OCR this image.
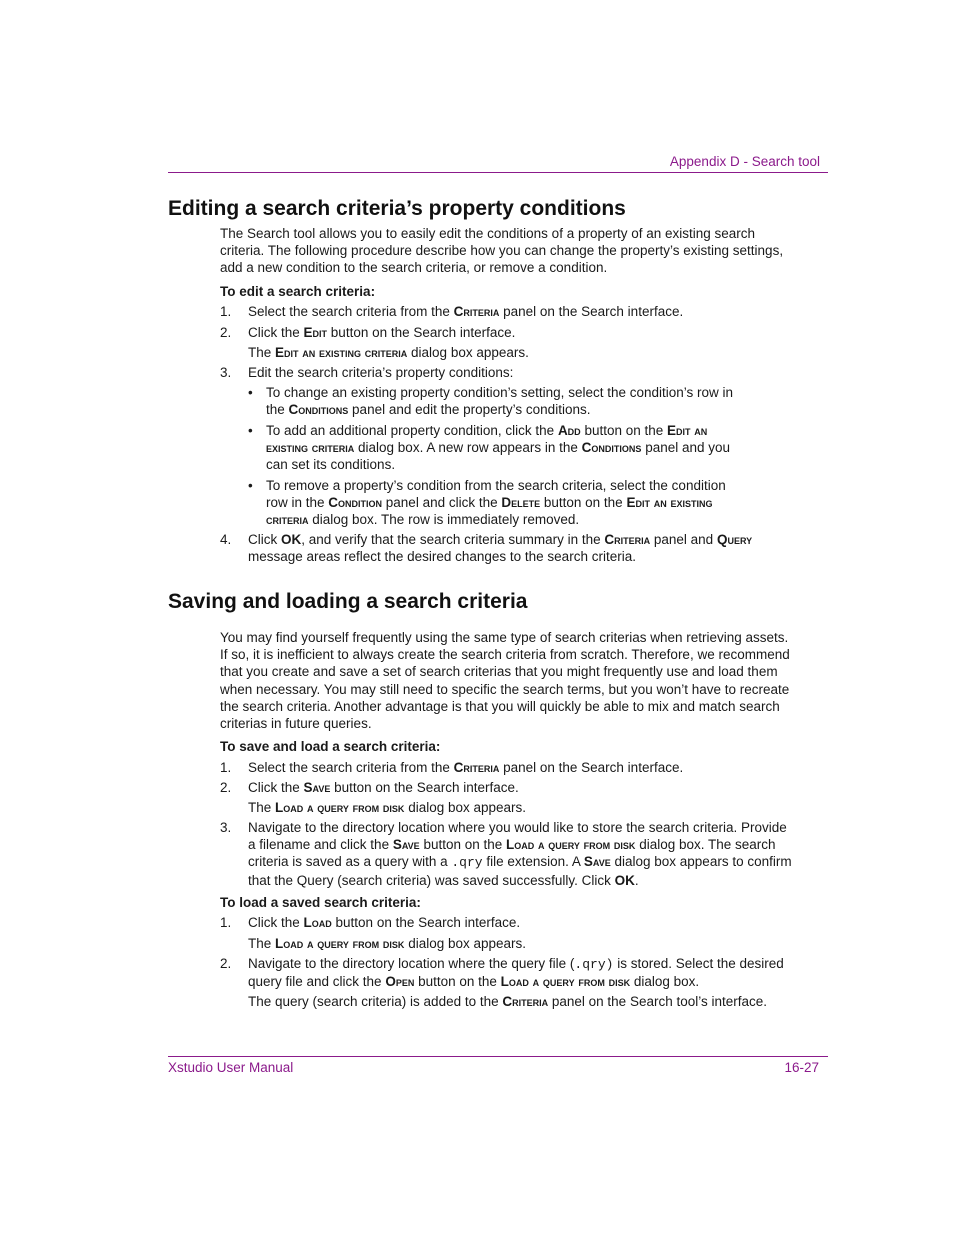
Appendix D - Search tool
Editing a search criteria’s property conditions

The Search tool allows you to easily edit the conditions of a property of an existing search criteria. The following procedure describe how you can change the property’s existing settings, add a new condition to the search criteria, or remove a condition.

To edit a search criteria:
1.	Select the search criteria from the Criteria panel on the Search interface.
2.	Click the Edit button on the Search interface.
The Edit an existing criteria dialog box appears.
3.	Edit the search criteria’s property conditions:
• To change an existing property condition’s setting, select the condition’s row in the Conditions panel and edit the property’s conditions.
• To add an additional property condition, click the Add button on the Edit an existing criteria dialog box. A new row appears in the Conditions panel and you can set its conditions.
• To remove a property’s condition from the search criteria, select the condition row in the Condition panel and click the Delete button on the Edit an existing criteria dialog box. The row is immediately removed.
4.	Click OK, and verify that the search criteria summary in the Criteria panel and Query message areas reflect the desired changes to the search criteria.
Saving and loading a search criteria

You may find yourself frequently using the same type of search criterias when retrieving assets. If so, it is inefficient to always create the search criteria from scratch. Therefore, we recommend that you create and save a set of search criterias that you might frequently use and load them when necessary. You may still need to specific the search terms, but you won’t have to recreate the search criteria. Another advantage is that you will quickly be able to mix and match search criterias in future queries.

To save and load a search criteria:
1.	Select the search criteria from the Criteria panel on the Search interface.
2.	Click the Save button on the Search interface.
The Load a query from disk dialog box appears.
3.	Navigate to the directory location where you would like to store the search criteria. Provide a filename and click the Save button on the Load a query from disk dialog box. The search criteria is saved as a query with a .qry file extension. A Save dialog box appears to confirm that the Query (search criteria) was saved successfully. Click OK.
To load a saved search criteria:
1.	Click the Load button on the Search interface.
The Load a query from disk dialog box appears.
2.	Navigate to the directory location where the query file (.qry) is stored. Select the desired query file and click the Open button on the Load a query from disk dialog box.
The query (search criteria) is added to the Criteria panel on the Search tool’s interface.
Xstudio User Manual	16-27
